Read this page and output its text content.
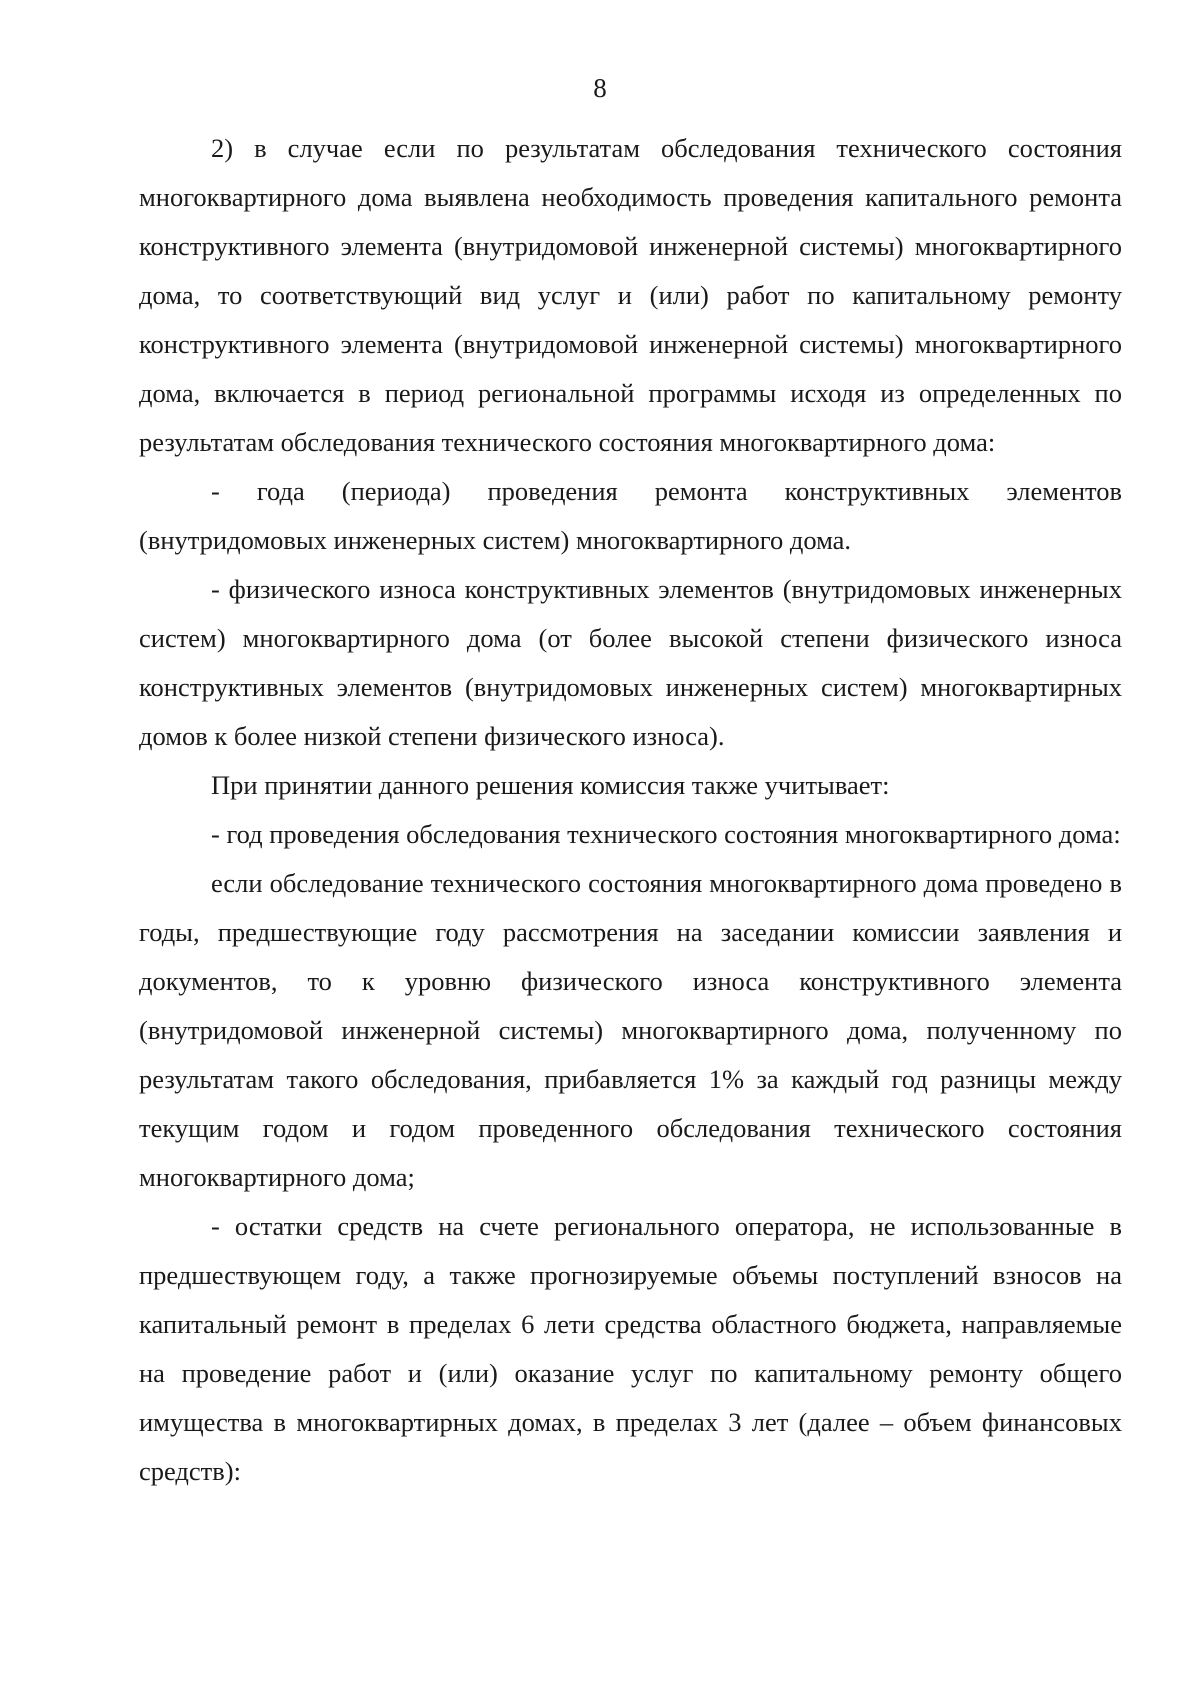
8

2) в случае если по результатам обследования технического состояния многоквартирного дома выявлена необходимость проведения капитального ремонта конструктивного элемента (внутридомовой инженерной системы) многоквартирного дома, то соответствующий вид услуг и (или) работ по капитальному ремонту конструктивного элемента (внутридомовой инженерной системы) многоквартирного дома, включается в период региональной программы исходя из определенных по результатам обследования технического состояния многоквартирного дома:

- года (периода) проведения ремонта конструктивных элементов (внутридомовых инженерных систем) многоквартирного дома.

- физического износа конструктивных элементов (внутридомовых инженерных систем) многоквартирного дома (от более высокой степени физического износа конструктивных элементов (внутридомовых инженерных систем) многоквартирных домов к более низкой степени физического износа).

При принятии данного решения комиссия также учитывает:

- год проведения обследования технического состояния многоквартирного дома:

если обследование технического состояния многоквартирного дома проведено в годы, предшествующие году рассмотрения на заседании комиссии заявления и документов, то к уровню физического износа конструктивного элемента (внутридомовой инженерной системы) многоквартирного дома, полученному по результатам такого обследования, прибавляется 1% за каждый год разницы между текущим годом и годом проведенного обследования технического состояния многоквартирного дома;

- остатки средств на счете регионального оператора, не использованные в предшествующем году, а также прогнозируемые объемы поступлений взносов на капитальный ремонт в пределах 6 лети средства областного бюджета, направляемые на проведение работ и (или) оказание услуг по капитальному ремонту общего имущества в многоквартирных домах, в пределах 3 лет (далее – объем финансовых средств):
